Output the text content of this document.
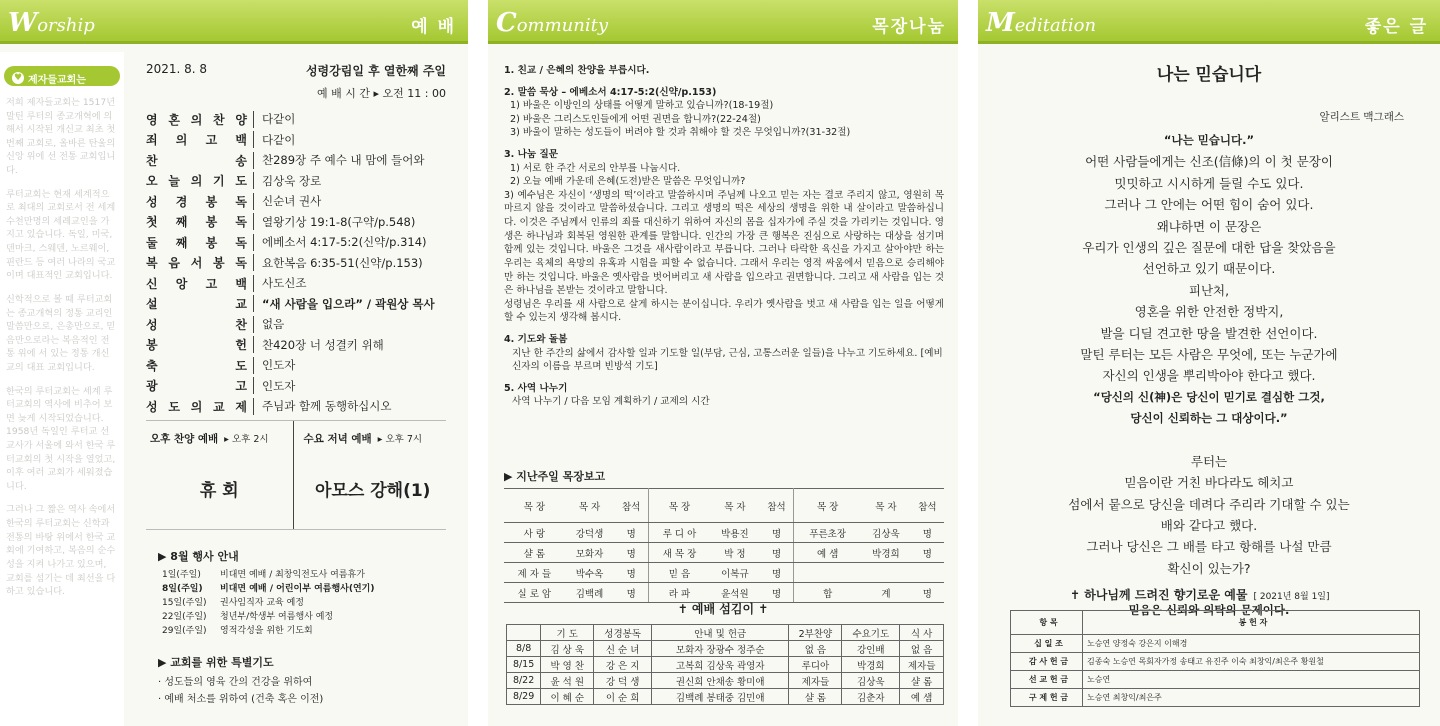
Worship	예 배
♥ 제자들교회는

저희 제자들교회는 1517년 말틴 루터의 종교개혁에 의해서 시작된 개신교 최초 첫 번째 교회로, 올바른 탄울의 신앙 위에 선 전통 교회입니다.

루터교회는 현재 세계적으로 최대의 교회로서 전 세계 수천만명의 세례교인을 가지고 있습니다. 독일, 미국, 덴마크, 스웨덴, 노르웨이, 핀란드 등 여러 나라의 국교이며 대표적인 교회입니다.

신학적으로 볼 때 루터교회는 종교개혁의 정통 교리인 말씀만으로, 은총만으로, 믿음만으로라는 복음적인 전통 위에 서 있는 정통 개신교의 대표 교회입니다.

한국의 루터교회는 세계 루터교회의 역사에 비추어 보면 늦게 시작되었습니다. 1958년 독일인 루터교 선교사가 서울에 와서 한국 루터교회의 첫 시작을 열었고, 이후 여러 교회가 세워졌습니다.

그러나 그 짧은 역사 속에서 한국의 루터교회는 신학과 전통의 바탕 위에서 한국 교회에 기여하고, 복음의 순수성을 지켜 나가고 있으며, 교회를 섬기는 데 최선을 다하고 있습니다.

2021. 8. 8	성령강림일 후 열한째 주일
예 배 시 간 ▸ 오전 11 : 00
영 혼 의 찬 양	다같이
죄 의 고 백	다같이
찬	송	찬289장 주 예수 내 맘에 들어와
오 늘 의 기 도	김상욱 장로
성 경 봉 독	신순녀 권사
첫 째 봉 독	열왕기상 19:1-8(구약/p.548)
둘 째 봉 독	에베소서 4:17-5:2(신약/p.314)
복 음 서 봉 독	요한복음 6:35-51(신약/p.153)
신 앙 고 백	사도신조
설	교	“새 사람을 입으라” / 곽원상 목사
성	찬	없음
봉	헌	찬420장 너 성결키 위해
축	도	인도자
광	고	인도자
성 도 의 교 제	주님과 함께 동행하십시오
오후 찬양 예배 ▸ 오후 2시
휴 회
수요 저녁 예배 ▸ 오후 7시
아모스 강해(1)
▶ 8월 행사 안내
1일(주일)	비대면 예배 / 최창익전도사 여름휴가
8일(주일)	비대면 예배 / 어린이부 여름행사(연기)
15일(주일)	권사임직자 교육 예정
22일(주일)	청년부/학생부 여름행사 예정
29일(주일)	영적각성을 위한 기도회
▶ 교회를 위한 특별기도
· 성도들의 영육 간의 건강을 위하여
· 예배 처소를 위하여 (건축 혹은 이전)
Community	목장나눔
1. 친교 / 은혜의 찬양을 부릅시다.
2. 말씀 묵상 – 에베소서 4:17-5:2(신약/p.153)
1) 바울은 이방인의 상태를 어떻게 말하고 있습니까?(18-19절)
2) 바울은 그리스도인들에게 어떤 권면을 합니까?(22-24절)
3) 바울이 말하는 성도들이 버려야 할 것과 취해야 할 것은 무엇입니까?(31-32절)
3. 나눔 질문
1) 서로 한 주간 서로의 안부를 나눕시다.
2) 오늘 예배 가운데 은혜(도전)받은 말씀은 무엇입니까?
3) 예수님은 자신이 ‘생명의 떡’이라고 말씀하시며 주님께 나오고 믿는 자는 결코 주리지 않고, 영원히 목마르지 않을 것이라고 말씀하셨습니다. 그리고 생명의 떡은 세상의 생명을 위한 내 살이라고 말씀하십니다. 이것은 주님께서 인류의 죄를 대신하기 위하여 자신의 몸을 십자가에 주실 것을 가리키는 것입니다. 영생은 하나님과 회복된 영원한 관계를 말합니다. 인간의 가장 큰 행복은 진심으로 사랑하는 대상을 섬기며 함께 있는 것입니다. 바울은 그것을 새사람이라고 부릅니다. 그러나 타락한 육신을 가지고 살아야만 하는 우리는 육체의 욕망의 유혹과 시험을 피할 수 없습니다. 그래서 우리는 영적 싸움에서 믿음으로 승리해야만 하는 것입니다. 바울은 옛사람을 벗어버리고 새 사람을 입으라고 권면합니다. 그리고 새 사람을 입는 것은 하나님을 본받는 것이라고 말합니다.
성령님은 우리를 새 사람으로 살게 하시는 분이십니다. 우리가 옛사람을 벗고 새 사람을 입는 일을 어떻게 할 수 있는지 생각해 봅시다.
4. 기도와 돌봄
지난 한 주간의 삶에서 감사할 일과 기도할 일(부담, 근심, 고통스러운 일들)을 나누고 기도하세요. [예비신자의 이름을 부르며 빈방석 기도]
5. 사역 나누기
사역 나누기 / 다음 모임 계획하기 / 교제의 시간
▶ 지난주일 목장보고
목 장	목 자	참석	목 장	목 자	참석	목 장	목 자	참석
사 랑	강덕생	명	루 디 아	박용진	명	푸른초장	김상욱	명
샬 롬	모화자	명	새 목 장	박 정	명	예 샘	박경희	명
제 자 들	박수옥	명	믿 음	이복규	명			
실 로 암	김백례	명	라 파	윤석원	명	합	계	명
✝ 예배 섬김이 ✝
	기 도	성경봉독	안내 및 헌금	2부찬양	수요기도	식 사
8/8	김 상 욱	신 순 녀	모화자 장광수 정주순	없 음	강인배	없 음
8/15	박 영 찬	강 은 지	고복희 김상욱 곽영자	루디아	박경희	제자들
8/22	윤 석 원	강 덕 생	권신희 안채송 황미애	제자들	김상욱	샬 롬
8/29	이 혜 순	이 순 희	김백례 봉태중 김민애	샬 롬	김춘자	예 샘
Meditation	좋은 글
나는 믿습니다
알리스트 맥그래스
“나는 믿습니다.”
어떤 사람들에게는 신조(信條)의 이 첫 문장이
밋밋하고 시시하게 들릴 수도 있다.
그러나 그 안에는 어떤 힘이 숨어 있다.
왜냐하면 이 문장은
우리가 인생의 깊은 질문에 대한 답을 찾았음을
선언하고 있기 때문이다.
피난처,
영혼을 위한 안전한 정박지,
발을 디딜 견고한 땅을 발견한 선언이다.
말틴 루터는 모든 사람은 무엇에, 또는 누군가에
자신의 인생을 뿌리박아야 한다고 했다.
“당신의 신(神)은 당신이 믿기로 결심한 그것,
당신이 신뢰하는 그 대상이다.”
루터는
믿음이란 거친 바다라도 헤치고
섬에서 뭍으로 당신을 데려다 주리라 기대할 수 있는
배와 같다고 했다.
그러나 당신은 그 배를 타고 항해를 나설 만큼
확신이 있는가?
믿음은 신뢰와 의탁의 문제이다.
✝ 하나님께 드려진 향기로운 예물 [ 2021년 8월 1일]
항 목	봉 헌 자
십 일 조	노승연 양정숙 강은지 이해경
감 사 헌 금	김종숙 노승연 목회자가정 송태고 유진주 이숙 최창익/최은주 황원철
선 교 헌 금	노승연
구 제 헌 금	노승연 최창익/최은주
